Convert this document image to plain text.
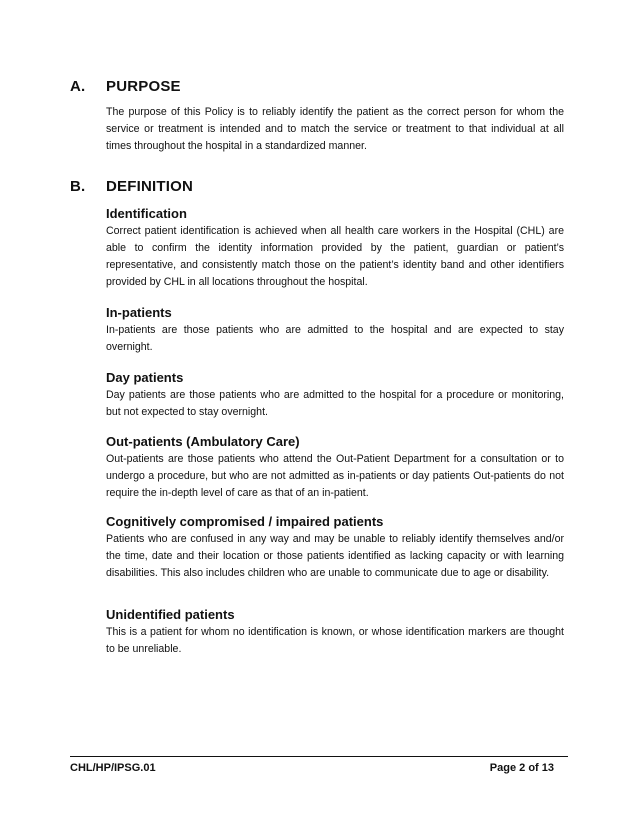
A. PURPOSE

The purpose of this Policy is to reliably identify the patient as the correct person for whom the service or treatment is intended and to match the service or treatment to that individual at all times throughout the hospital in a standardized manner.

B. DEFINITION
Identification

Correct patient identification is achieved when all health care workers in the Hospital (CHL) are able to confirm the identity information provided by the patient, guardian or patient’s representative, and consistently match those on the patient’s identity band and other identifiers provided by CHL in all locations throughout the hospital.

In-patients

In-patients are those patients who are admitted to the hospital and are expected to stay overnight.

Day patients

Day patients are those patients who are admitted to the hospital for a procedure or monitoring, but not expected to stay overnight.

Out-patients (Ambulatory Care)

Out-patients are those patients who attend the Out-Patient Department for a consultation or to undergo a procedure, but who are not admitted as in-patients or day patients Out-patients do not require the in-depth level of care as that of an in-patient.

Cognitively compromised / impaired patients

Patients who are confused in any way and may be unable to reliably identify themselves and/or the time, date and their location or those patients identified as lacking capacity or with learning disabilities. This also includes children who are unable to communicate due to age or disability.

Unidentified patients

This is a patient for whom no identification is known, or whose identification markers are thought to be unreliable.

CHL/HP/IPSG.01	Page 2 of 13
